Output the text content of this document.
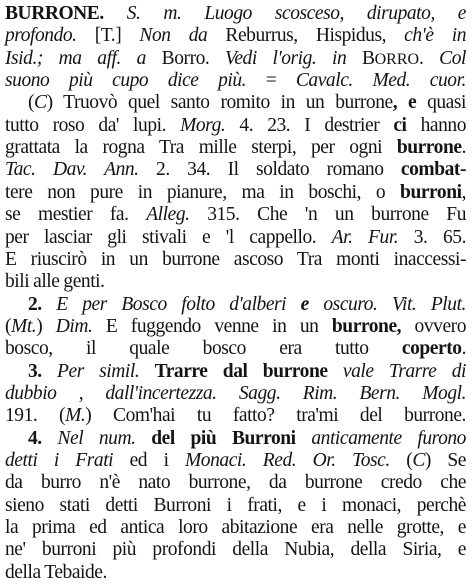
BURRONE. S. m. Luogo scosceso, dirupato, e
profondo. [T.] Non da Reburrus, Hispidus, ch'è in
Isid.; ma aff. a Borro. Vedi l'orig. in BORRO. Col
suono più cupo dice più. = Cavalc. Med. cuor.
(C) Truovò quel santo romito in un burrone, e quasi
tutto roso da' lupi. Morg. 4. 23. I destrier ci hanno
grattata la rogna Tra mille sterpi, per ogni burrone.
Tac. Dav. Ann. 2. 34. Il soldato romano combat-
tere non pure in pianure, ma in boschi, o burroni,
se mestier fa. Alleg. 315. Che 'n un burrone Fu
per lasciar gli stivali e 'l cappello. Ar. Fur. 3. 65.
E riuscirò in un burrone ascoso Tra monti inaccessi-
bili alle genti.
2. E per Bosco folto d'alberi e oscuro. Vit. Plut.
(Mt.) Dim. E fuggendo venne in un burrone, ovvero
bosco, il quale bosco era tutto coperto.
3. Per simil. Trarre dal burrone vale Trarre di
dubbio , dall'incertezza. Sagg. Rim. Bern. Mogl.
191. (M.) Com'hai tu fatto? tra'mi del burrone.
4. Nel num. del più Burroni anticamente furono
detti i Frati ed i Monaci. Red. Or. Tosc. (C) Se
da burro n'è nato burrone, da burrone credo che
sieno stati detti Burroni i frati, e i monaci, perchè
la prima ed antica loro abitazione era nelle grotte, e
ne' burroni più profondi della Nubia, della Siria, e
della Tebaide.
